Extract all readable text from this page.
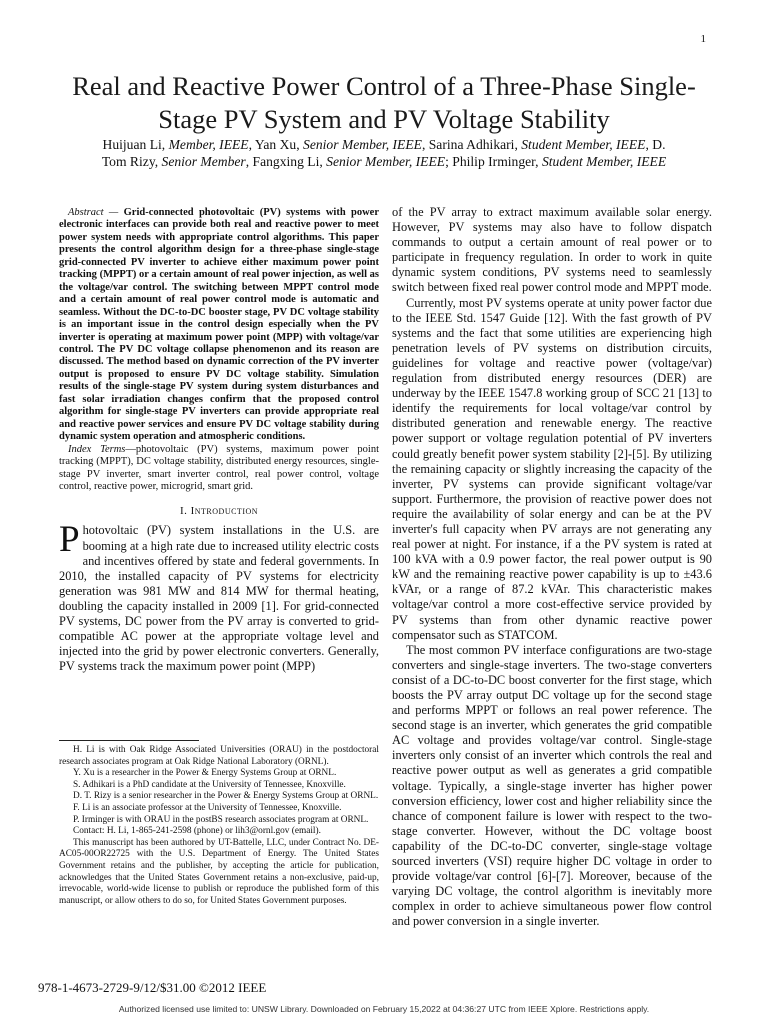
1
Real and Reactive Power Control of a Three-Phase Single-Stage PV System and PV Voltage Stability
Huijuan Li, Member, IEEE, Yan Xu, Senior Member, IEEE, Sarina Adhikari, Student Member, IEEE, D. Tom Rizy, Senior Member, Fangxing Li, Senior Member, IEEE; Philip Irminger, Student Member, IEEE

Abstract — Grid-connected photovoltaic (PV) systems with power electronic interfaces can provide both real and reactive power to meet power system needs with appropriate control algorithms. This paper presents the control algorithm design for a three-phase single-stage grid-connected PV inverter to achieve either maximum power point tracking (MPPT) or a certain amount of real power injection, as well as the voltage/var control. The switching between MPPT control mode and a certain amount of real power control mode is automatic and seamless. Without the DC-to-DC booster stage, PV DC voltage stability is an important issue in the control design especially when the PV inverter is operating at maximum power point (MPP) with voltage/var control. The PV DC voltage collapse phenomenon and its reason are discussed. The method based on dynamic correction of the PV inverter output is proposed to ensure PV DC voltage stability. Simulation results of the single-stage PV system during system disturbances and fast solar irradiation changes confirm that the proposed control algorithm for single-stage PV inverters can provide appropriate real and reactive power services and ensure PV DC voltage stability during dynamic system operation and atmospheric conditions.

Index Terms—photovoltaic (PV) systems, maximum power point tracking (MPPT), DC voltage stability, distributed energy resources, single-stage PV inverter, smart inverter control, real power control, voltage control, reactive power, microgrid, smart grid.

I. Introduction
P hotovoltaic (PV) system installations in the U.S. are booming at a high rate due to increased utility electric costs and incentives offered by state and federal governments. In 2010, the installed capacity of PV systems for electricity generation was 981 MW and 814 MW for thermal heating, doubling the capacity installed in 2009 [1]. For grid-connected PV systems, DC power from the PV array is converted to grid-compatible AC power at the appropriate voltage level and injected into the grid by power electronic converters. Generally, PV systems track the maximum power point (MPP)

H. Li is with Oak Ridge Associated Universities (ORAU) in the postdoctoral research associates program at Oak Ridge National Laboratory (ORNL).

Y. Xu is a researcher in the Power & Energy Systems Group at ORNL.

S. Adhikari is a PhD candidate at the University of Tennessee, Knoxville.

D. T. Rizy is a senior researcher in the Power & Energy Systems Group at ORNL.

F. Li is an associate professor at the University of Tennessee, Knoxville.

P. Irminger is with ORAU in the postBS research associates program at ORNL.

Contact: H. Li, 1-865-241-2598 (phone) or lih3@ornl.gov (email).

This manuscript has been authored by UT-Battelle, LLC, under Contract No. DE-AC05-00OR22725 with the U.S. Department of Energy. The United States Government retains and the publisher, by accepting the article for publication, acknowledges that the United States Government retains a non-exclusive, paid-up, irrevocable, world-wide license to publish or reproduce the published form of this manuscript, or allow others to do so, for United States Government purposes.

of the PV array to extract maximum available solar energy. However, PV systems may also have to follow dispatch commands to output a certain amount of real power or to participate in frequency regulation. In order to work in quite dynamic system conditions, PV systems need to seamlessly switch between fixed real power control mode and MPPT mode.

Currently, most PV systems operate at unity power factor due to the IEEE Std. 1547 Guide [12]. With the fast growth of PV systems and the fact that some utilities are experiencing high penetration levels of PV systems on distribution circuits, guidelines for voltage and reactive power (voltage/var) regulation from distributed energy resources (DER) are underway by the IEEE 1547.8 working group of SCC 21 [13] to identify the requirements for local voltage/var control by distributed generation and renewable energy. The reactive power support or voltage regulation potential of PV inverters could greatly benefit power system stability [2]-[5]. By utilizing the remaining capacity or slightly increasing the capacity of the inverter, PV systems can provide significant voltage/var support. Furthermore, the provision of reactive power does not require the availability of solar energy and can be at the PV inverter's full capacity when PV arrays are not generating any real power at night. For instance, if a the PV system is rated at 100 kVA with a 0.9 power factor, the real power output is 90 kW and the remaining reactive power capability is up to ±43.6 kVAr, or a range of 87.2 kVAr. This characteristic makes voltage/var control a more cost-effective service provided by PV systems than from other dynamic reactive power compensator such as STATCOM.

The most common PV interface configurations are two-stage converters and single-stage inverters. The two-stage converters consist of a DC-to-DC boost converter for the first stage, which boosts the PV array output DC voltage up for the second stage and performs MPPT or follows an real power reference. The second stage is an inverter, which generates the grid compatible AC voltage and provides voltage/var control. Single-stage inverters only consist of an inverter which controls the real and reactive power output as well as generates a grid compatible voltage. Typically, a single-stage inverter has higher power conversion efficiency, lower cost and higher reliability since the chance of component failure is lower with respect to the two-stage converter. However, without the DC voltage boost capability of the DC-to-DC converter, single-stage voltage sourced inverters (VSI) require higher DC voltage in order to provide voltage/var control [6]-[7]. Moreover, because of the varying DC voltage, the control algorithm is inevitably more complex in order to achieve simultaneous power flow control and power conversion in a single inverter.

978-1-4673-2729-9/12/$31.00 ©2012 IEEE
Authorized licensed use limited to: UNSW Library. Downloaded on February 15,2022 at 04:36:27 UTC from IEEE Xplore. Restrictions apply.
